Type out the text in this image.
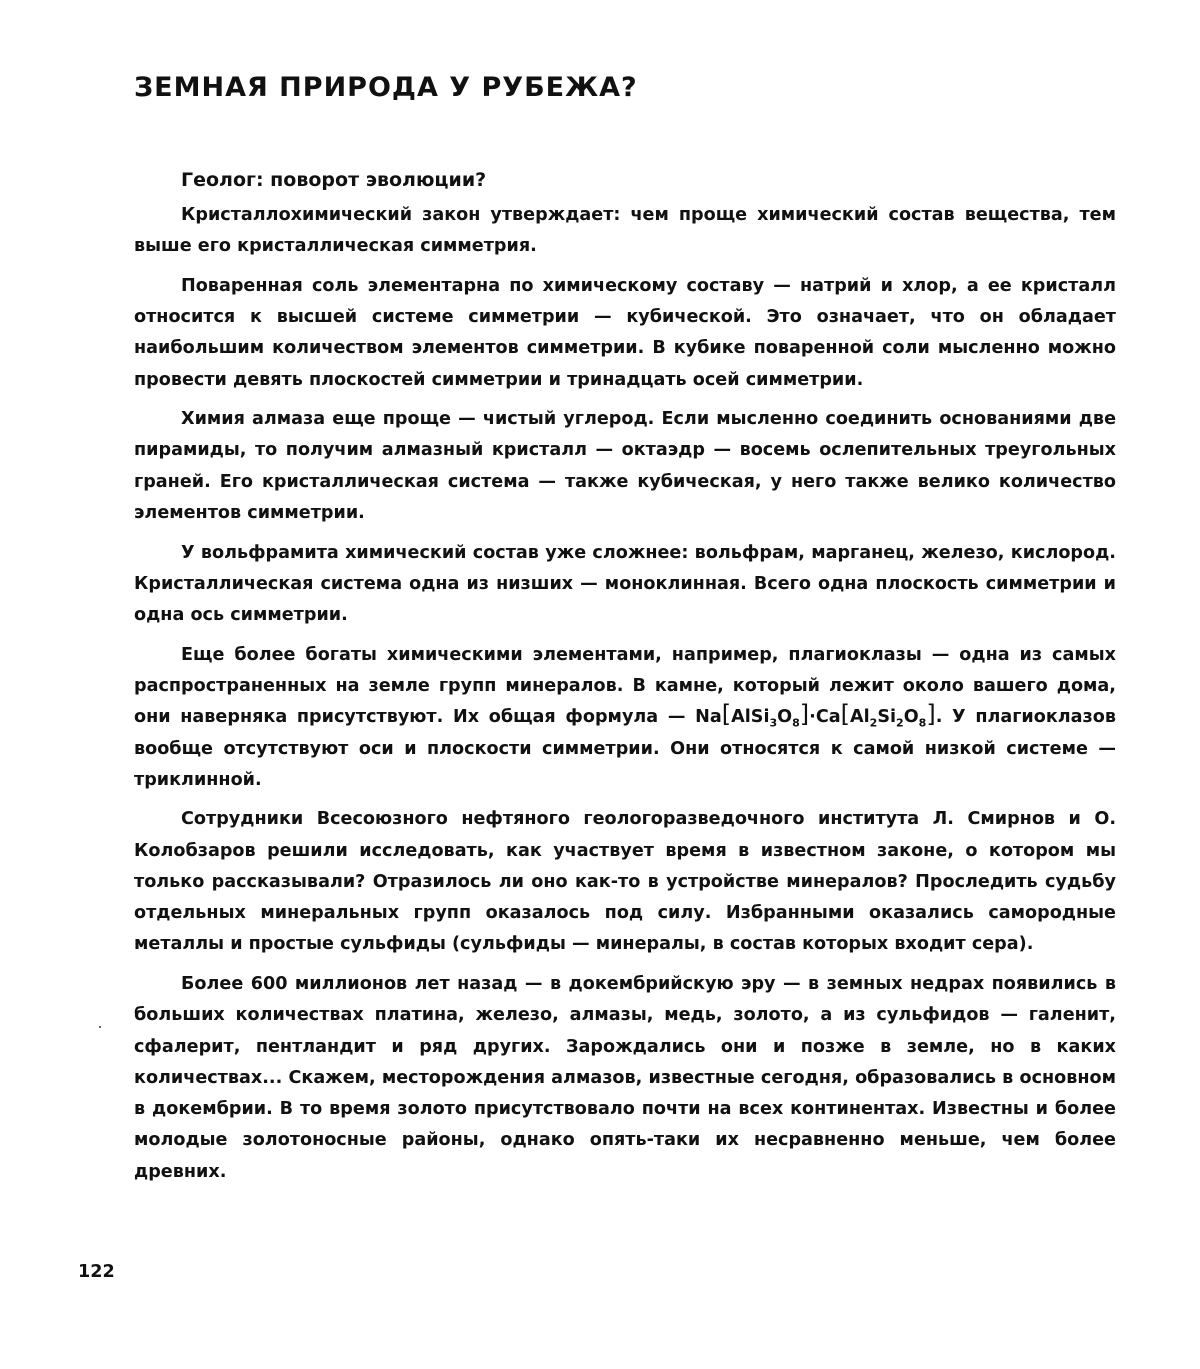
ЗЕМНАЯ ПРИРОДА У РУБЕЖА?
Геолог: поворот эволюции?

Кристаллохимический закон утверждает: чем проще химический состав вещества, тем выше его кристаллическая симметрия.

Поваренная соль элементарна по химическому составу — натрий и хлор, а ее кристалл относится к высшей системе симметрии — кубической. Это означает, что он обладает наибольшим количеством элементов симметрии. В кубике поваренной соли мысленно можно провести девять плоскостей симметрии и тринадцать осей симметрии.

Химия алмаза еще проще — чистый углерод. Если мысленно соединить основаниями две пирамиды, то получим алмазный кристалл — октаэдр — восемь ослепительных треугольных граней. Его кристаллическая система — также кубическая, у него также велико количество элементов симметрии.

У вольфрамита химический состав уже сложнее: вольфрам, марганец, железо, кислород. Кристаллическая система одна из низших — моноклинная. Всего одна плоскость симметрии и одна ось симметрии.

Еще более богаты химическими элементами, например, плагиоклазы — одна из самых распространенных на земле групп минералов. В камне, который лежит около вашего дома, они наверняка присутствуют. Их общая формула — $Na[AlSi_3O_8]\cdot Ca[Al_2Si_2O_8]$. У плагиоклазов вообще отсутствуют оси и плоскости симметрии. Они относятся к самой низкой системе — триклинной.

Сотрудники Всесоюзного нефтяного геологоразведочного института Л. Смирнов и О. Колобзаров решили исследовать, как участвует время в известном законе, о котором мы только рассказывали? Отразилось ли оно как-то в устройстве минералов? Проследить судьбу отдельных минеральных групп оказалось под силу. Избранными оказались самородные металлы и простые сульфиды (сульфиды — минералы, в состав которых входит сера).

Более 600 миллионов лет назад — в докембрийскую эру — в земных недрах появились в больших количествах платина, железо, алмазы, медь, золото, а из сульфидов — галенит, сфалерит, пентландит и ряд других. Зарождались они и позже в земле, но в каких количествах... Скажем, месторождения алмазов, известные сегодня, образовались в основном в докембрии. В то время золото присутствовало почти на всех континентах. Известны и более молодые золотоносные районы, однако опять-таки их несравненно меньше, чем более древних.

122
